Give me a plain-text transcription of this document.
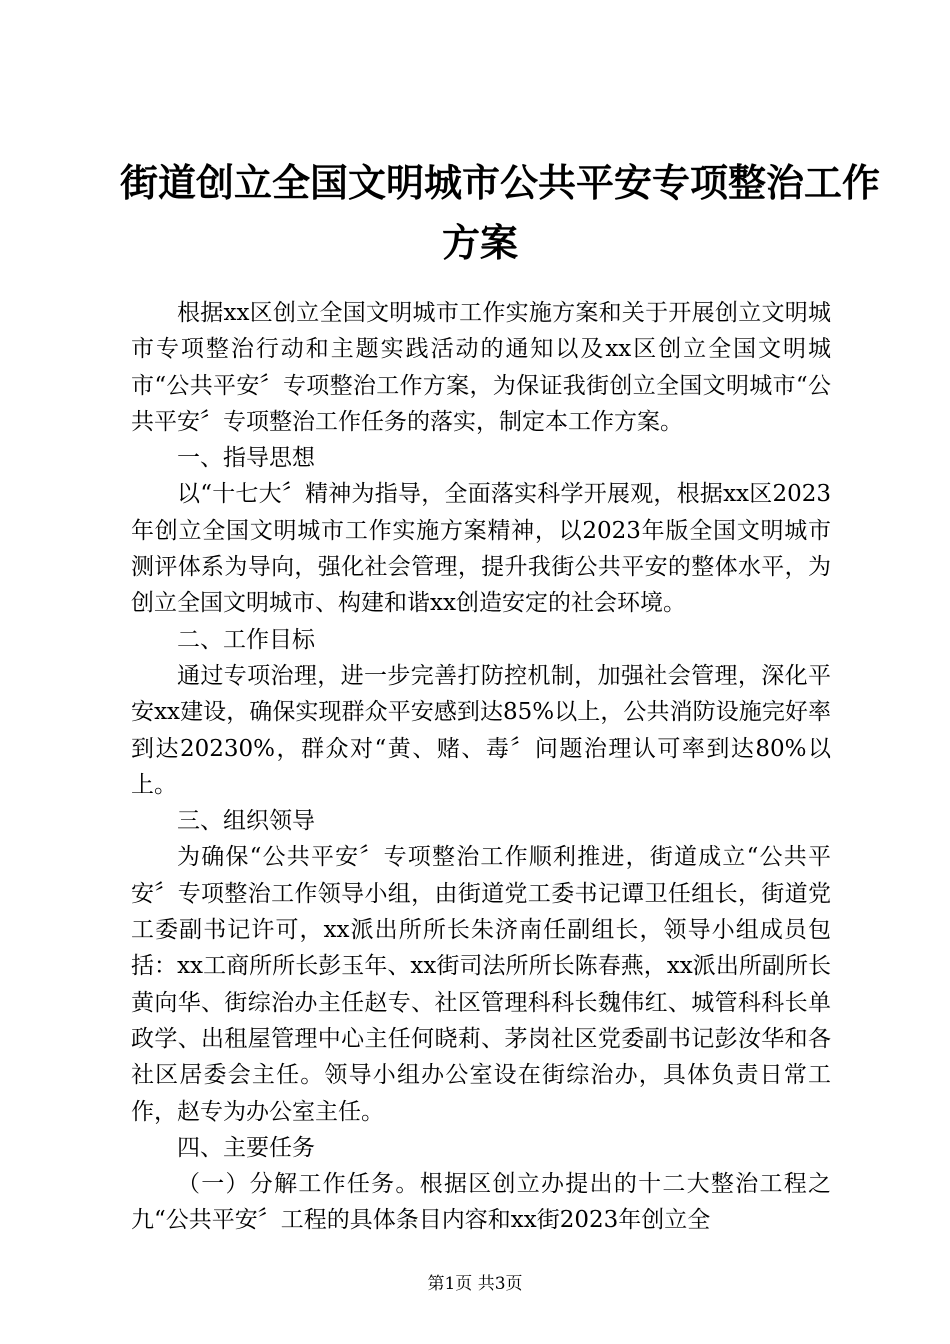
街道创立全国文明城市公共平安专项整治工作
方案

根据xx区创立全国文明城市工作实施方案和关于开展创立文明城市专项整治行动和主题实践活动的通知以及xx区创立全国文明城市“公共平安〞专项整治工作方案，为保证我街创立全国文明城市“公共平安〞专项整治工作任务的落实，制定本工作方案。

一、指导思想

以“十七大〞精神为指导，全面落实科学开展观，根据xx区2023年创立全国文明城市工作实施方案精神，以2023年版全国文明城市测评体系为导向，强化社会管理，提升我街公共平安的整体水平，为创立全国文明城市、构建和谐xx创造安定的社会环境。

二、工作目标

通过专项治理，进一步完善打防控机制，加强社会管理，深化平安xx建设，确保实现群众平安感到达85%以上，公共消防设施完好率到达20230%，群众对“黄、赌、毒〞问题治理认可率到达80%以上。

三、组织领导

为确保“公共平安〞专项整治工作顺利推进，街道成立“公共平安〞专项整治工作领导小组，由街道党工委书记谭卫任组长，街道党工委副书记许可，xx派出所所长朱济南任副组长，领导小组成员包括：xx工商所所长彭玉年、xx街司法所所长陈春燕，xx派出所副所长黄向华、街综治办主任赵专、社区管理科科长魏伟红、城管科科长单政学、出租屋管理中心主任何晓莉、茅岗社区党委副书记彭汝华和各社区居委会主任。领导小组办公室设在街综治办，具体负责日常工作，赵专为办公室主任。

四、主要任务

（一）分解工作任务。根据区创立办提出的十二大整治工程之九“公共平安〞工程的具体条目内容和xx街2023年创立全

第1页 共3页
